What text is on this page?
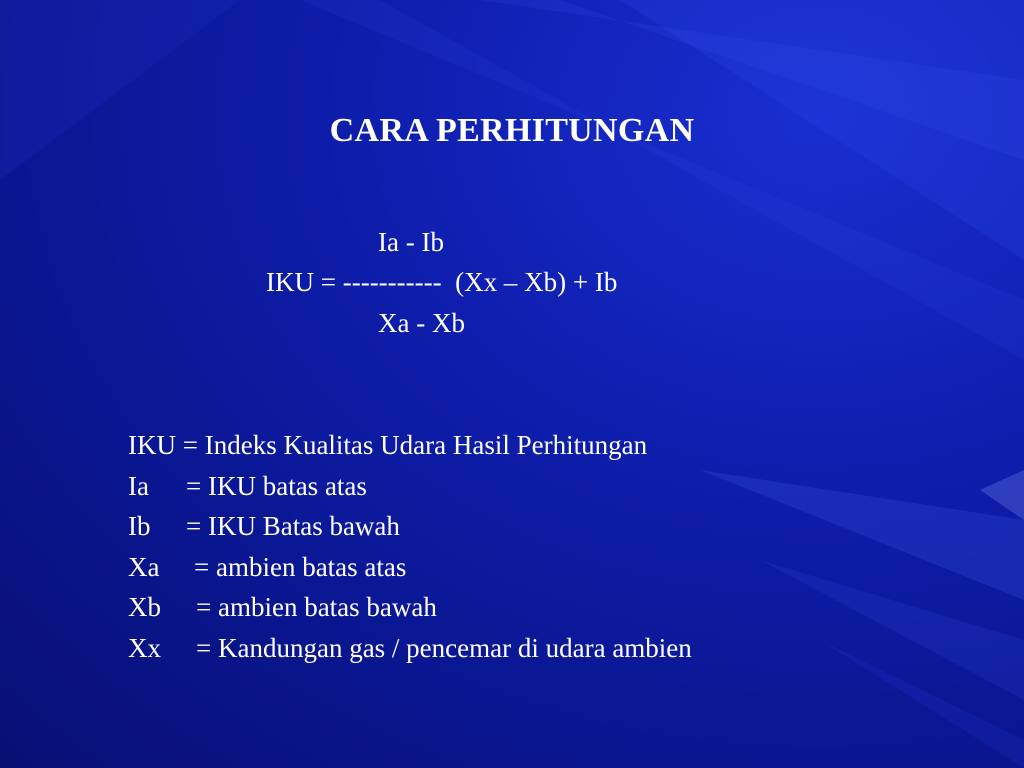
CARA PERHITUNGAN
Ia - Ib
IKU = -----------  (Xx – Xb) + Ib
Xa - Xb
IKU = Indeks Kualitas Udara Hasil Perhitungan
Ia = IKU batas atas
Ib = IKU Batas bawah
Xa = ambien batas atas
Xb = ambien batas bawah
Xx = Kandungan gas / pencemar di udara ambien
